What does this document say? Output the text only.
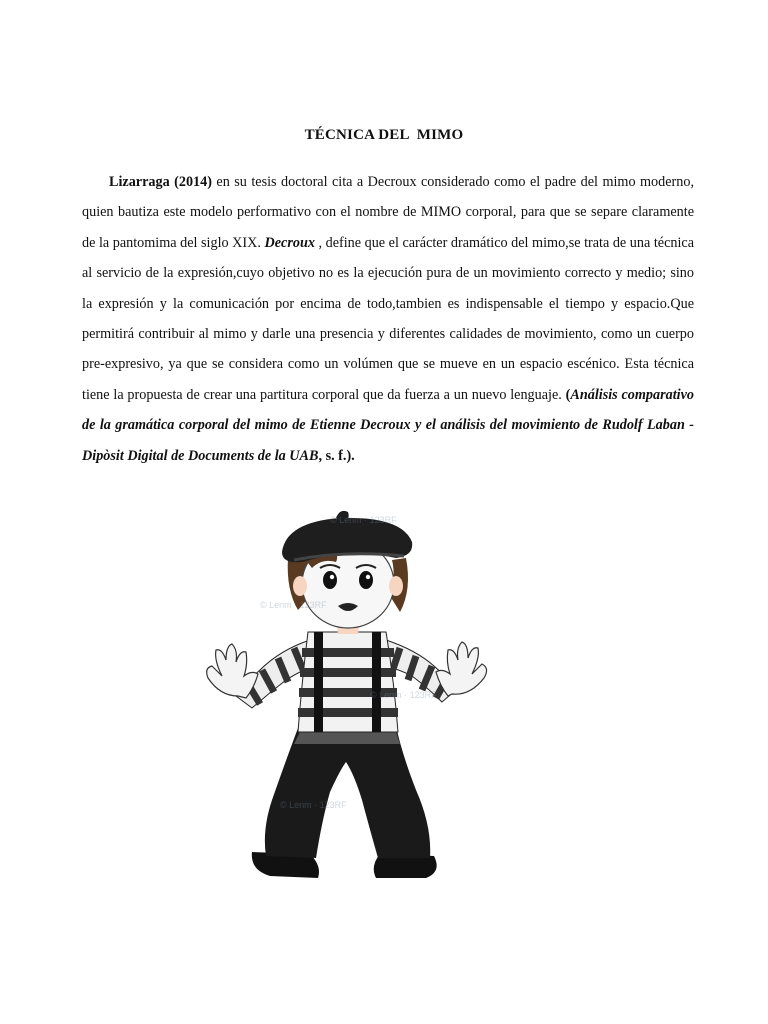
TÉCNICA DEL  MIMO

Lizarraga (2014) en su tesis doctoral cita a Decroux considerado como el padre del mimo moderno, quien bautiza este modelo performativo con el nombre de MIMO corporal, para que se separe claramente de la pantomima del siglo XIX. Decroux , define que el carácter dramático del mimo,se trata de una técnica al servicio de la expresión,cuyo objetivo no es la ejecución pura de un movimiento correcto y medio; sino la expresión y la comunicación por encima de todo,tambien es indispensable el tiempo y espacio.Que permitirá contribuir al mimo y darle una presencia y diferentes calidades de movimiento, como un cuerpo pre-expresivo, ya que se considera como un volúmen que se mueve en un espacio escénico. Esta técnica tiene la propuesta de crear una partitura corporal que da fuerza a un nuevo lenguaje. (Análisis comparativo de la gramática corporal del mimo de Etienne Decroux y el análisis del movimiento de Rudolf Laban - Dipòsit Digital de Documents de la UAB, s. f.).

© Lenm · 123RF
© Lenm · 123RF
© Lenm · 123RF
© Lenm · 123RF
